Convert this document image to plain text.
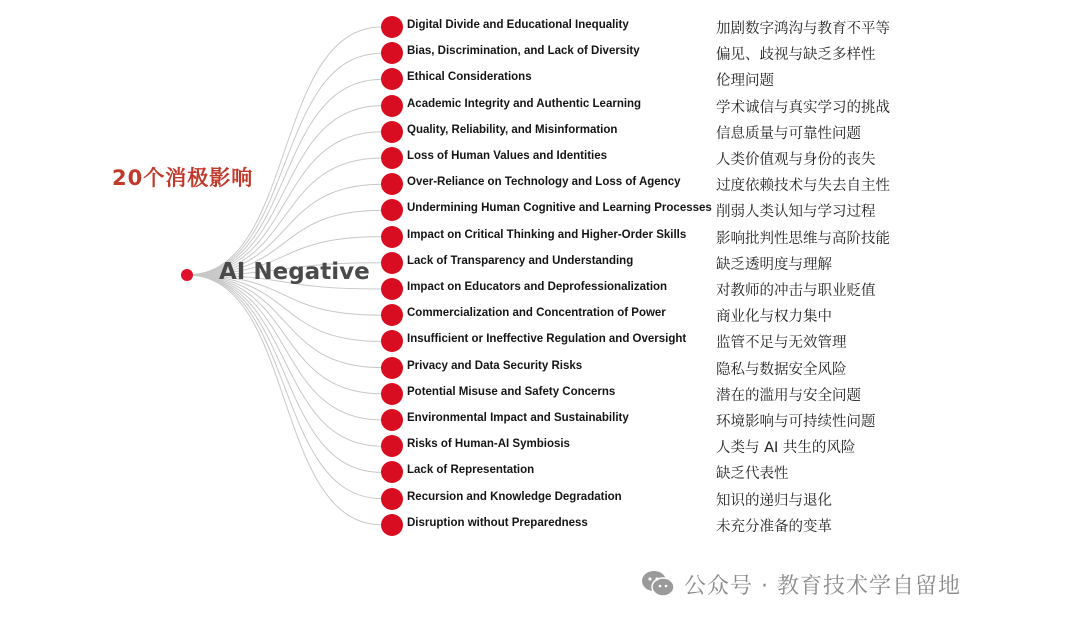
20个消极影响
AI Negative
Digital Divide and Educational Inequality	加剧数字鸿沟与教育不平等
Bias, Discrimination, and Lack of Diversity	偏见、歧视与缺乏多样性
Ethical Considerations	伦理问题
Academic Integrity and Authentic Learning	学术诚信与真实学习的挑战
Quality, Reliability, and Misinformation	信息质量与可靠性问题
Loss of Human Values and Identities	人类价值观与身份的丧失
Over-Reliance on Technology and Loss of Agency 过度依赖技术与失去自主性
Undermining Human Cognitive and Learning Processes 削弱人类认知与学习过程
Impact on Critical Thinking and Higher-Order Skills 影响批判性思维与高阶技能
Lack of Transparency and Understanding	缺乏透明度与理解
Impact on Educators and Deprofessionalization	对教师的冲击与职业贬值
Commercialization and Concentration of Power	商业化与权力集中
Insufficient or Ineffective Regulation and Oversight 监管不足与无效管理
Privacy and Data Security Risks	隐私与数据安全风险
Potential Misuse and Safety Concerns	潜在的滥用与安全问题
Environmental Impact and Sustainability	环境影响与可持续性问题
Risks of Human-AI Symbiosis	人类与 AI 共生的风险
Lack of Representation	缺乏代表性
Recursion and Knowledge Degradation	知识的递归与退化
Disruption without Preparedness	未充分准备的变革
公众号 · 教育技术学自留地
